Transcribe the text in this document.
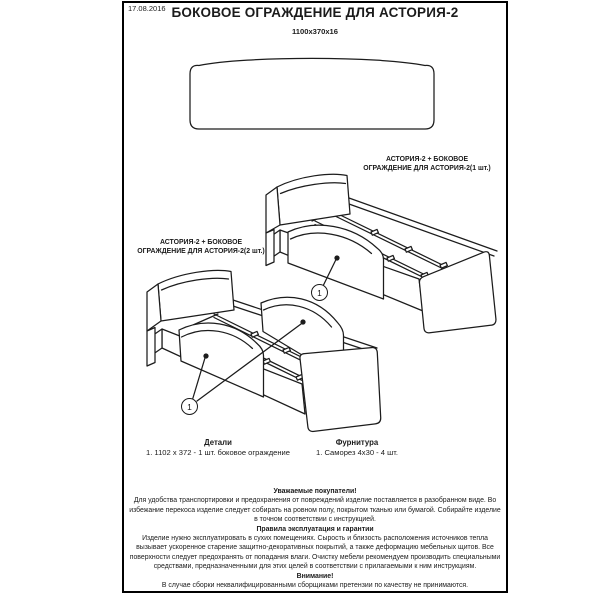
17.08.2016 БОКОВОЕ ОГРАЖДЕНИЕ ДЛЯ АСТОРИЯ-2
1100х370х16
АСТОРИЯ-2 + БОКОВОЕ
ОГРАЖДЕНИЕ ДЛЯ АСТОРИЯ-2(1 шт.)
АСТОРИЯ-2 + БОКОВОЕ
ОГРАЖДЕНИЕ ДЛЯ АСТОРИЯ-2(2 шт.)
1
1
Детали
1. 1102 х 372 - 1 шт. боковое ограждение
Фурнитура
1. Саморез 4х30 - 4 шт.
Уважаемые покупатели!
Для удобства транспортировки и предохранения от повреждений изделие поставляется в разобранном виде. Во избежание перекоса изделие следует собирать на ровном полу, покрытом тканью или бумагой. Собирайте изделие в точном соответствии с инструкцией.
Правила эксплуатация и гарантии
Изделие нужно эксплуатировать в сухих помещениях. Сырость и близость расположения источников тепла вызывает ускоренное старение защитно-декоративных покрытий, а также деформацию мебельных щитов. Все поверхности следует предохранять от попадания влаги. Очистку мебели рекомендуем производить специальными средствами, предназначенными для этих целей в соответствии с прилагаемыми к ним инструкциям.
Внимание!
В случае сборки неквалифицированными сборщиками претензии по качеству не принимаются.
